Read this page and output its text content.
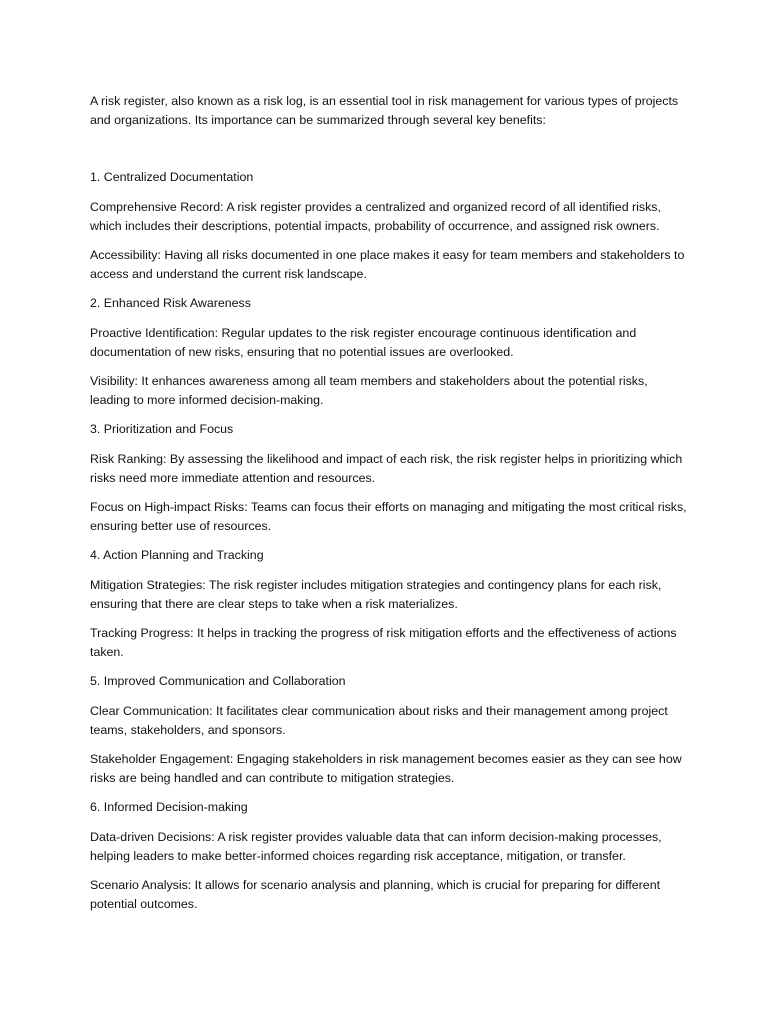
A risk register, also known as a risk log, is an essential tool in risk management for various types of projects and organizations. Its importance can be summarized through several key benefits:

1. Centralized Documentation

Comprehensive Record: A risk register provides a centralized and organized record of all identified risks, which includes their descriptions, potential impacts, probability of occurrence, and assigned risk owners.

Accessibility: Having all risks documented in one place makes it easy for team members and stakeholders to access and understand the current risk landscape.

2. Enhanced Risk Awareness

Proactive Identification: Regular updates to the risk register encourage continuous identification and documentation of new risks, ensuring that no potential issues are overlooked.

Visibility: It enhances awareness among all team members and stakeholders about the potential risks, leading to more informed decision-making.

3. Prioritization and Focus

Risk Ranking: By assessing the likelihood and impact of each risk, the risk register helps in prioritizing which risks need more immediate attention and resources.

Focus on High-impact Risks: Teams can focus their efforts on managing and mitigating the most critical risks, ensuring better use of resources.

4. Action Planning and Tracking

Mitigation Strategies: The risk register includes mitigation strategies and contingency plans for each risk, ensuring that there are clear steps to take when a risk materializes.

Tracking Progress: It helps in tracking the progress of risk mitigation efforts and the effectiveness of actions taken.

5. Improved Communication and Collaboration

Clear Communication: It facilitates clear communication about risks and their management among project teams, stakeholders, and sponsors.

Stakeholder Engagement: Engaging stakeholders in risk management becomes easier as they can see how risks are being handled and can contribute to mitigation strategies.

6. Informed Decision-making

Data-driven Decisions: A risk register provides valuable data that can inform decision-making processes, helping leaders to make better-informed choices regarding risk acceptance, mitigation, or transfer.

Scenario Analysis: It allows for scenario analysis and planning, which is crucial for preparing for different potential outcomes.
